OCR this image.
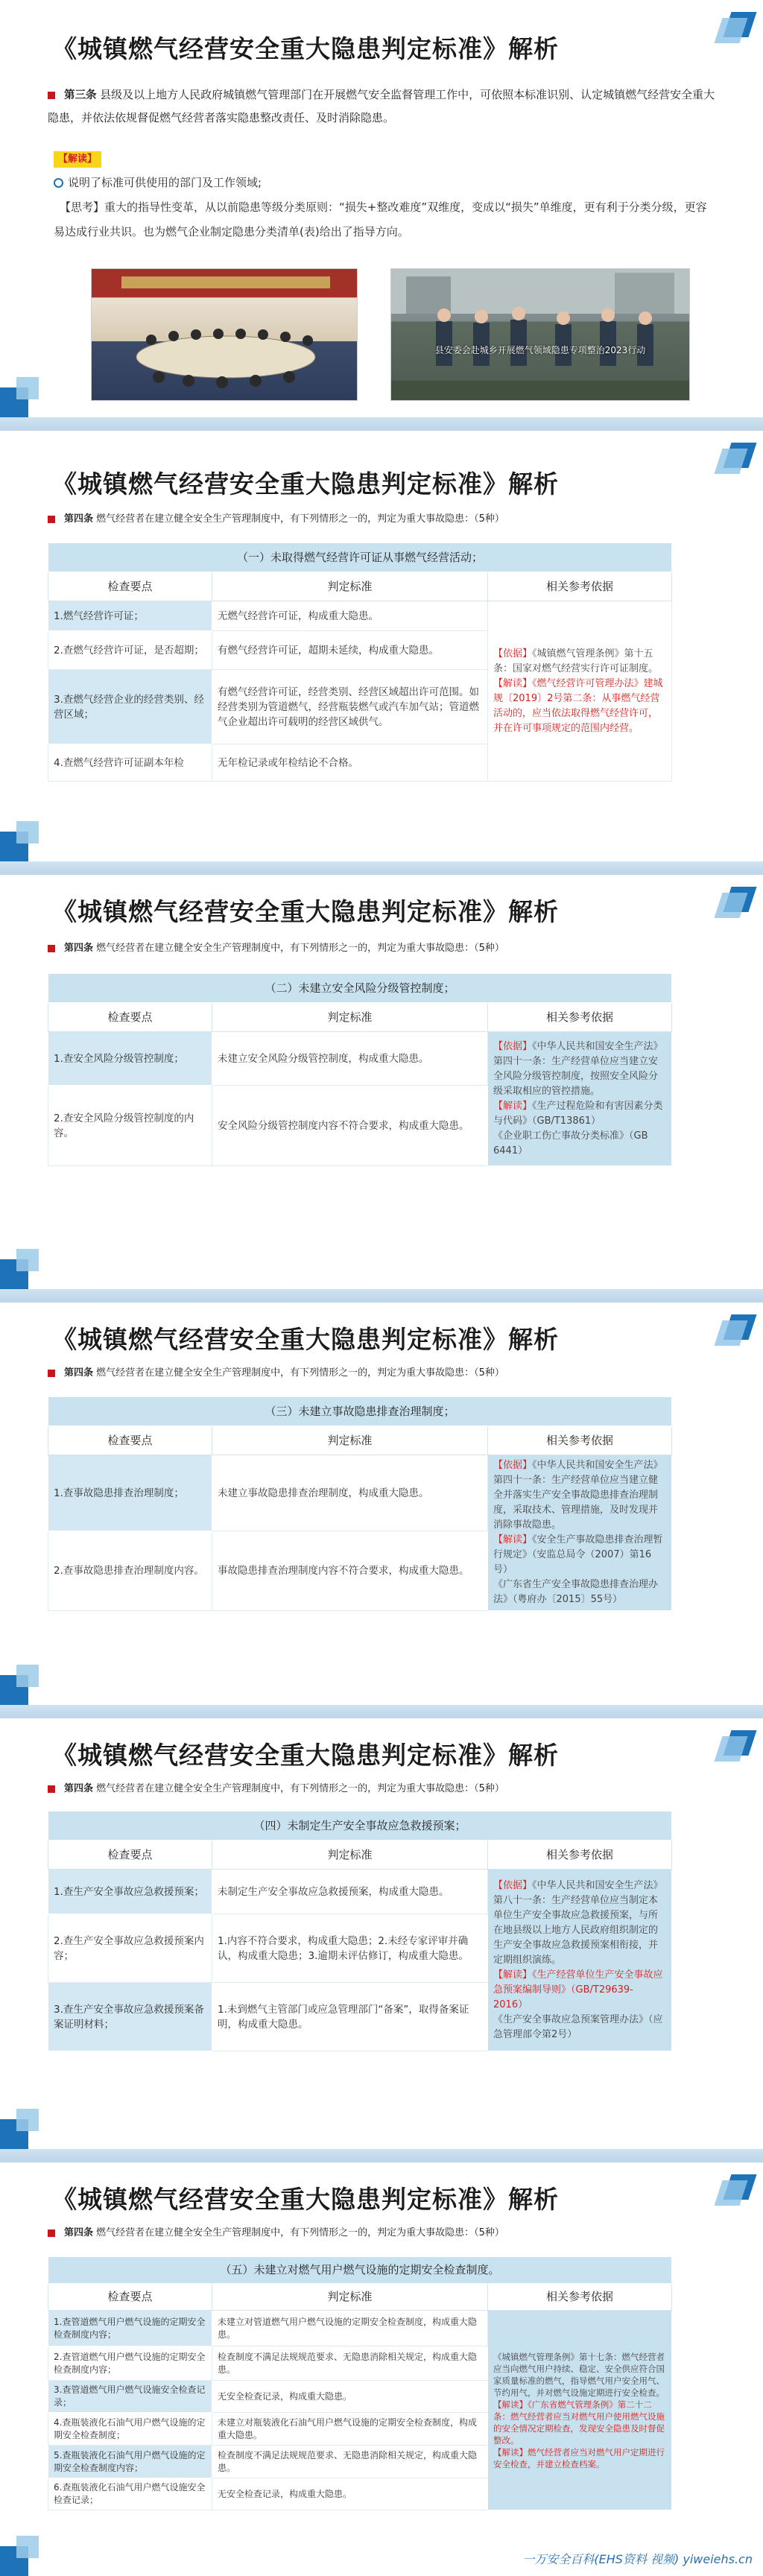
《城镇燃气经营安全重大隐患判定标准》解析
第三条 县级及以上地方人民政府城镇燃气管理部门在开展燃气安全监督管理工作中，可依照本标准识别、认定城镇燃气经营安全重大隐患，并依法依规督促燃气经营者落实隐患整改责任、及时消除隐患。
【解读】
说明了标准可供使用的部门及工作领域;

【思考】重大的指导性变革，从以前隐患等级分类原则：“损失+整改难度”双维度，变成以“损失”单维度，更有利于分类分级，更容易达成行业共识。也为燃气企业制定隐患分类清单(表)给出了指导方向。
县安委会赴城乡开展燃气领域隐患专项整治2023行动
《城镇燃气经营安全重大隐患判定标准》解析
第四条 燃气经营者在建立健全安全生产管理制度中，有下列情形之一的，判定为重大事故隐患：（5种）
（一）未取得燃气经营许可证从事燃气经营活动；		
检查要点	判定标准	相关参考依据
1.燃气经营许可证；	无燃气经营许可证，构成重大隐患。	【依据】《城镇燃气管理条例》第十五条：国家对燃气经营实行许可证制度。
【解读】《燃气经营许可管理办法》建城规〔2019〕2号第二条：从事燃气经营活动的，应当依法取得燃气经营许可，并在许可事项规定的范围内经营。
2.查燃气经营许可证，是否超期；	有燃气经营许可证，超期未延续，构成重大隐患。	
3.查燃气经营企业的经营类别、经营区域；	有燃气经营许可证，经营类别、经营区域超出许可范围。如经营类别为管道燃气，经营瓶装燃气或汽车加气站；管道燃气企业超出许可载明的经营区域供气。	
4.查燃气经营许可证副本年检	无年检记录或年检结论不合格。	
《城镇燃气经营安全重大隐患判定标准》解析
第四条 燃气经营者在建立健全安全生产管理制度中，有下列情形之一的，判定为重大事故隐患：（5种）
（二）未建立安全风险分级管控制度；		
检查要点	判定标准	相关参考依据
1.查安全风险分级管控制度；	未建立安全风险分级管控制度，构成重大隐患。	【依据】《中华人民共和国安全生产法》第四十一条：生产经营单位应当建立安全风险分级管控制度，按照安全风险分级采取相应的管控措施。
【解读】《生产过程危险和有害因素分类与代码》（GB/T13861）
《企业职工伤亡事故分类标准》（GB 6441）
2.查安全风险分级管控制度的内容。	安全风险分级管控制度内容不符合要求，构成重大隐患。	
《城镇燃气经营安全重大隐患判定标准》解析
第四条 燃气经营者在建立健全安全生产管理制度中，有下列情形之一的，判定为重大事故隐患：（5种）
（三）未建立事故隐患排查治理制度；		
检查要点	判定标准	相关参考依据
1.查事故隐患排查治理制度；	未建立事故隐患排查治理制度，构成重大隐患。	【依据】《中华人民共和国安全生产法》第四十一条：生产经营单位应当建立健全并落实生产安全事故隐患排查治理制度，采取技术、管理措施，及时发现并消除事故隐患。
【解读】《安全生产事故隐患排查治理暂行规定》（安监总局令（2007）第16号）
《广东省生产安全事故隐患排查治理办法》（粤府办〔2015〕55号）
2.查事故隐患排查治理制度内容。	事故隐患排查治理制度内容不符合要求，构成重大隐患。	
《城镇燃气经营安全重大隐患判定标准》解析
第四条 燃气经营者在建立健全安全生产管理制度中，有下列情形之一的，判定为重大事故隐患：（5种）
（四）未制定生产安全事故应急救援预案；		
检查要点	判定标准	相关参考依据
1.查生产安全事故应急救援预案；	未制定生产安全事故应急救援预案，构成重大隐患。	【依据】《中华人民共和国安全生产法》第八十一条：生产经营单位应当制定本单位生产安全事故应急救援预案，与所在地县级以上地方人民政府组织制定的生产安全事故应急救援预案相衔接，并定期组织演练。
【解读】《生产经营单位生产安全事故应急预案编制导则》（GB/T29639-2016）
《生产安全事故应急预案管理办法》（应急管理部令第2号）
2.查生产安全事故应急救援预案内容；	1.内容不符合要求，构成重大隐患；2.未经专家评审并确认，构成重大隐患；3.逾期未评估修订，构成重大隐患。	
3.查生产安全事故应急救援预案备案证明材料；	1.未到燃气主管部门或应急管理部门“备案”，取得备案证明，构成重大隐患。	
《城镇燃气经营安全重大隐患判定标准》解析
第四条 燃气经营者在建立健全安全生产管理制度中，有下列情形之一的，判定为重大事故隐患：（5种）
（五）未建立对燃气用户燃气设施的定期安全检查制度。		
检查要点	判定标准	相关参考依据
1.查管道燃气用户燃气设施的定期安全检查制度内容；	未建立对管道燃气用户燃气设施的定期安全检查制度，构成重大隐患。	《城镇燃气管理条例》第十七条：燃气经营者应当向燃气用户持续、稳定、安全供应符合国家质量标准的燃气，指导燃气用户安全用气、节约用气，并对燃气设施定期进行安全检查。
【解读】《广东省燃气管理条例》第二十二条：燃气经营者应当对燃气用户使用燃气设施的安全情况定期检查，发现安全隐患及时督促整改。
【解读】燃气经营者应当对燃气用户定期进行安全检查，并建立检查档案。
2.查管道燃气用户燃气设施的定期安全检查制度内容；	检查制度不满足法规规范要求、无隐患消除相关规定，构成重大隐患。	
3.查管道燃气用户燃气设施安全检查记录；	无安全检查记录，构成重大隐患。	
4.查瓶装液化石油气用户燃气设施的定期安全检查制度；	未建立对瓶装液化石油气用户燃气设施的定期安全检查制度，构成重大隐患。	
5.查瓶装液化石油气用户燃气设施的定期安全检查制度内容；	检查制度不满足法规规范要求、无隐患消除相关规定，构成重大隐患。	
6.查瓶装液化石油气用户燃气设施安全检查记录；	无安全检查记录，构成重大隐患。	
一万安全百科(EHS资料 视频) yiweiehs.cn
